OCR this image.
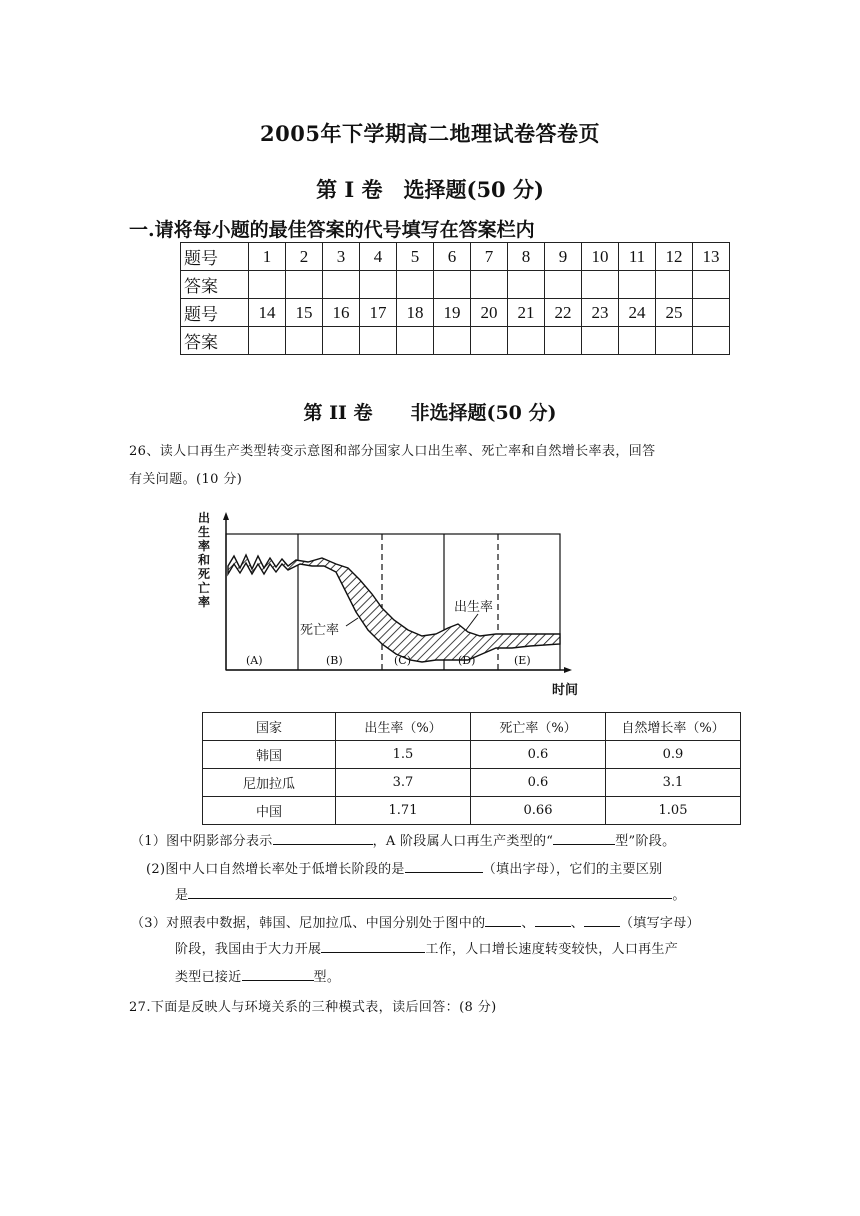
2005年下学期高二地理试卷答卷页
第 I 卷　选择题(50 分)
一.请将每小题的最佳答案的代号填写在答案栏内
题号	1	2	3	4	5	6	7	8	9	10	11	12	13
答案													
题号	14	15	16	17	18	19	20	21	22	23	24	25	
答案													
第 II 卷　　非选择题(50 分)
26、读人口再生产类型转变示意图和部分国家人口出生率、死亡率和自然增长率表，回答
有关问题。(10 分)
出
生
率
和
死
亡
率	出生率
死亡率
(A)	(B)	(C)	(D)	(E)
时间
国家	出生率（%）	死亡率（%）	自然增长率（%）
韩国	1.5	0.6	0.9
尼加拉瓜	3.7	0.6	3.1
中国	1.71	0.66	1.05
（1）图中阴影部分表示	，A 阶段属人口再生产类型的“	型”阶段。
(2)图中人口自然增长率处于低增长阶段的是	（填出字母），它们的主要区别
是	。
（3）对照表中数据，韩国、尼加拉瓜、中国分别处于图中的	、	、	（填写字母）
阶段，我国由于大力开展	工作，人口增长速度转变较快，人口再生产
类型已接近	型。
27.下面是反映人与环境关系的三种模式表，读后回答：(8 分)
